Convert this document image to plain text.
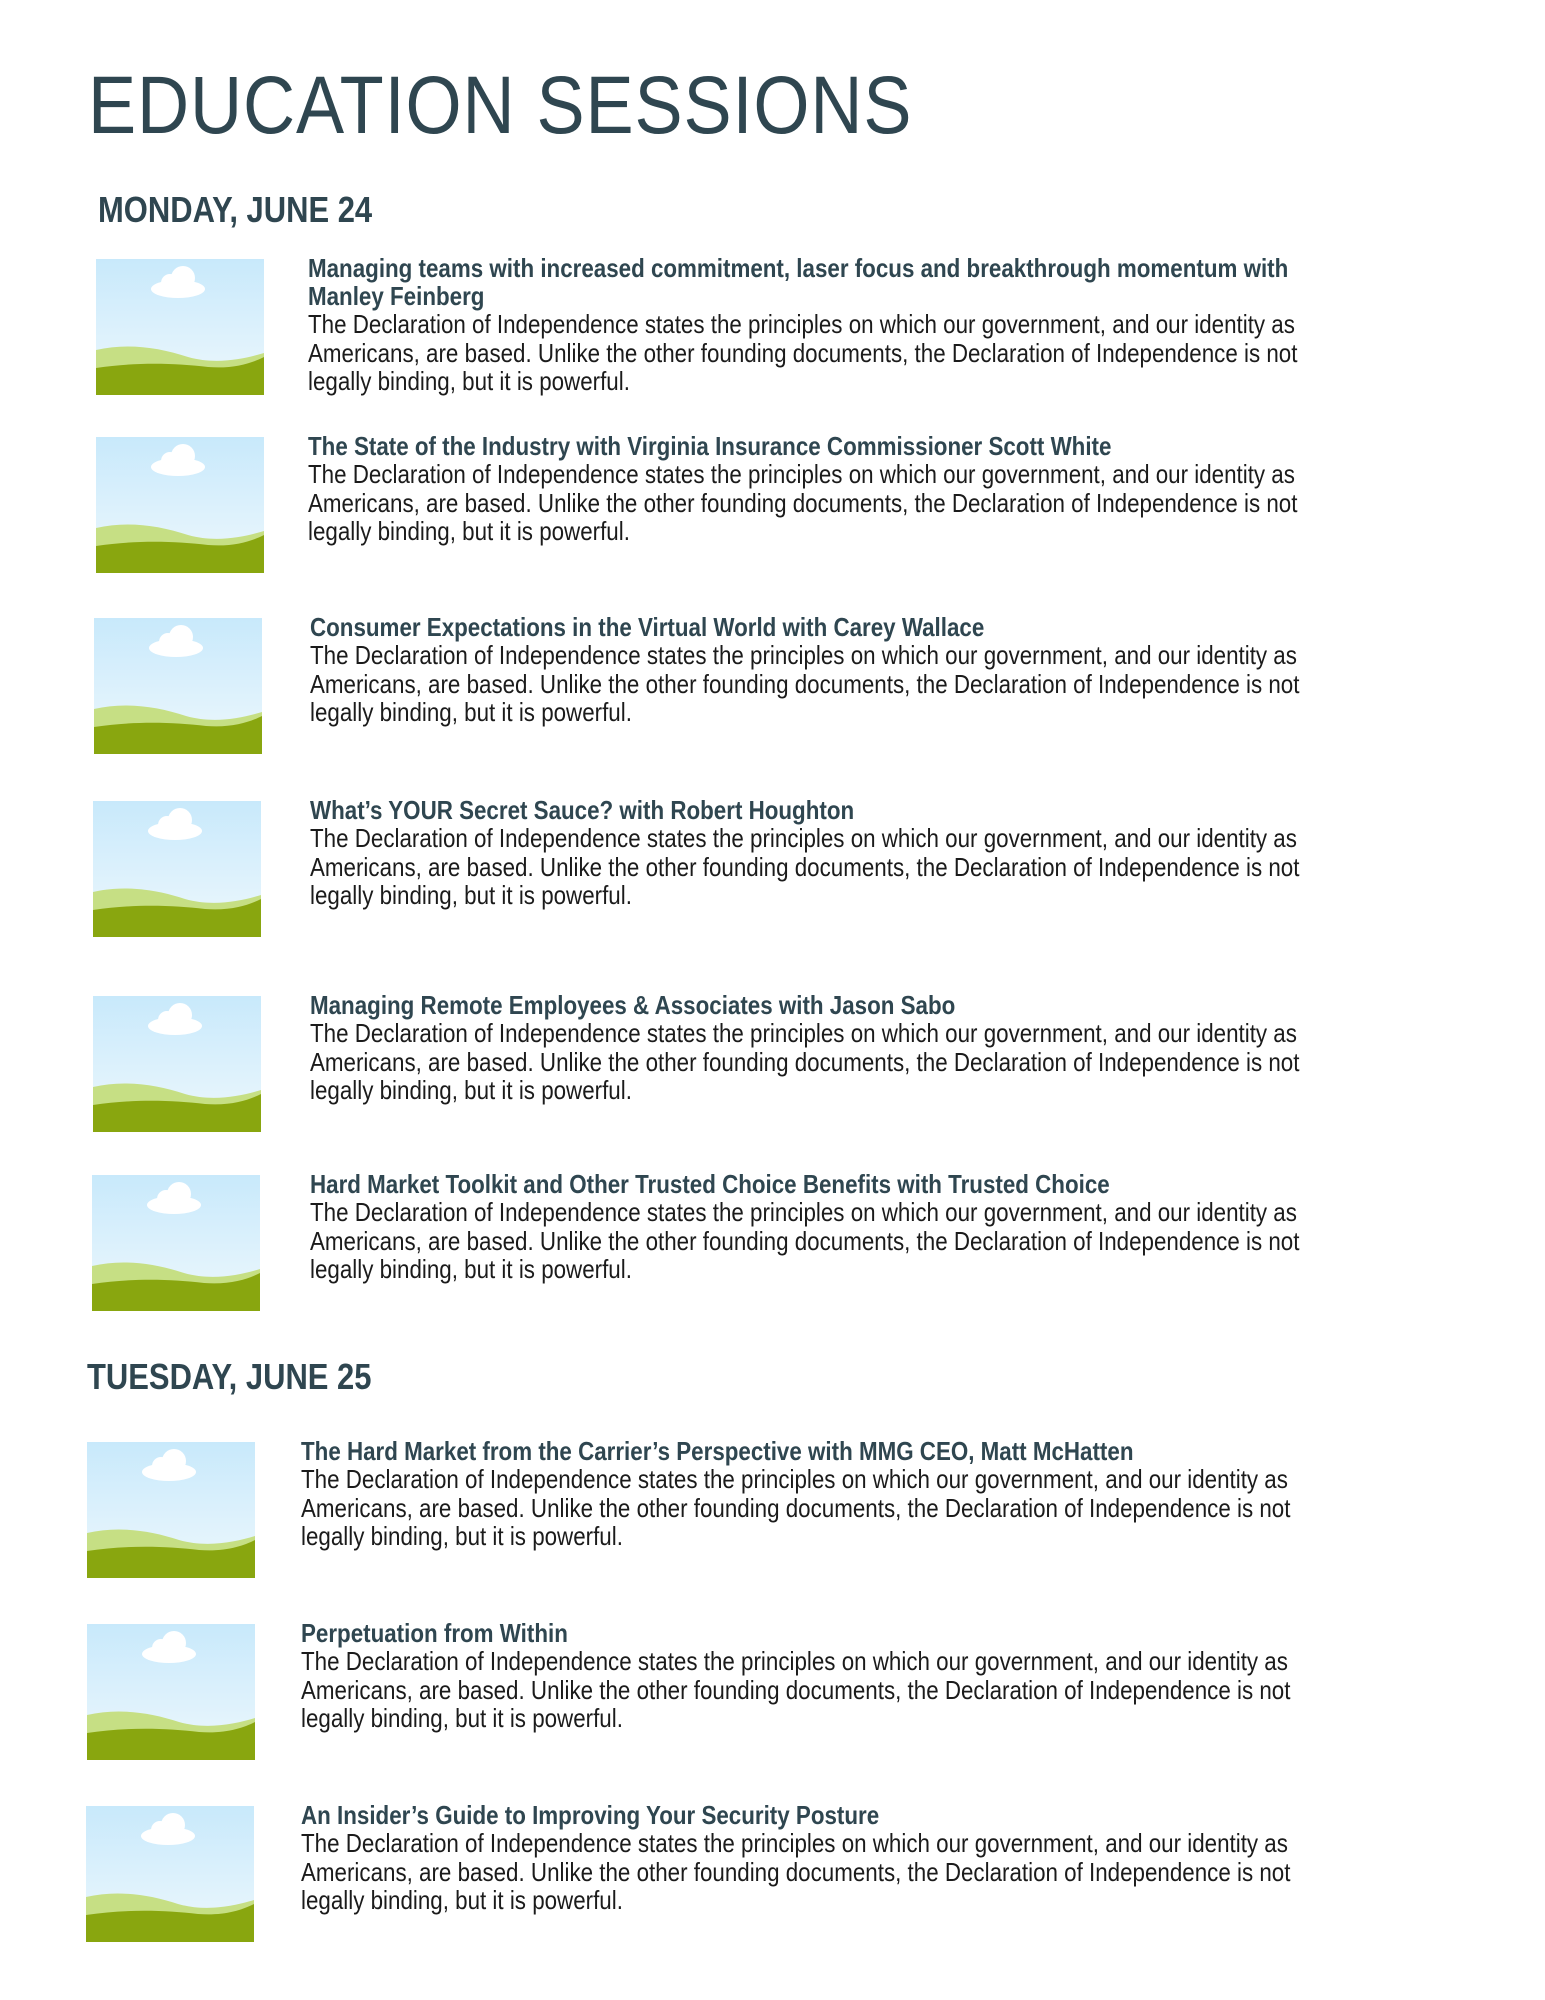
EDUCATION SESSIONS
MONDAY, JUNE 24

Managing teams with increased commitment, laser focus and breakthrough momentum with Manley Feinberg

The Declaration of Independence states the principles on which our government, and our identity as Americans, are based. Unlike the other founding documents, the Declaration of Independence is not legally binding, but it is powerful.

The State of the Industry with Virginia Insurance Commissioner Scott White

The Declaration of Independence states the principles on which our government, and our identity as Americans, are based. Unlike the other founding documents, the Declaration of Independence is not legally binding, but it is powerful.

Consumer Expectations in the Virtual World with Carey Wallace

The Declaration of Independence states the principles on which our government, and our identity as Americans, are based. Unlike the other founding documents, the Declaration of Independence is not legally binding, but it is powerful.

What’s YOUR Secret Sauce? with Robert Houghton

The Declaration of Independence states the principles on which our government, and our identity as Americans, are based. Unlike the other founding documents, the Declaration of Independence is not legally binding, but it is powerful.

Managing Remote Employees & Associates with Jason Sabo

The Declaration of Independence states the principles on which our government, and our identity as Americans, are based. Unlike the other founding documents, the Declaration of Independence is not legally binding, but it is powerful.

Hard Market Toolkit and Other Trusted Choice Benefits with Trusted Choice

The Declaration of Independence states the principles on which our government, and our identity as Americans, are based. Unlike the other founding documents, the Declaration of Independence is not legally binding, but it is powerful.

TUESDAY, JUNE 25

The Hard Market from the Carrier’s Perspective with MMG CEO, Matt McHatten

The Declaration of Independence states the principles on which our government, and our identity as Americans, are based. Unlike the other founding documents, the Declaration of Independence is not legally binding, but it is powerful.

Perpetuation from Within

The Declaration of Independence states the principles on which our government, and our identity as Americans, are based. Unlike the other founding documents, the Declaration of Independence is not legally binding, but it is powerful.

An Insider’s Guide to Improving Your Security Posture

The Declaration of Independence states the principles on which our government, and our identity as Americans, are based. Unlike the other founding documents, the Declaration of Independence is not legally binding, but it is powerful.
